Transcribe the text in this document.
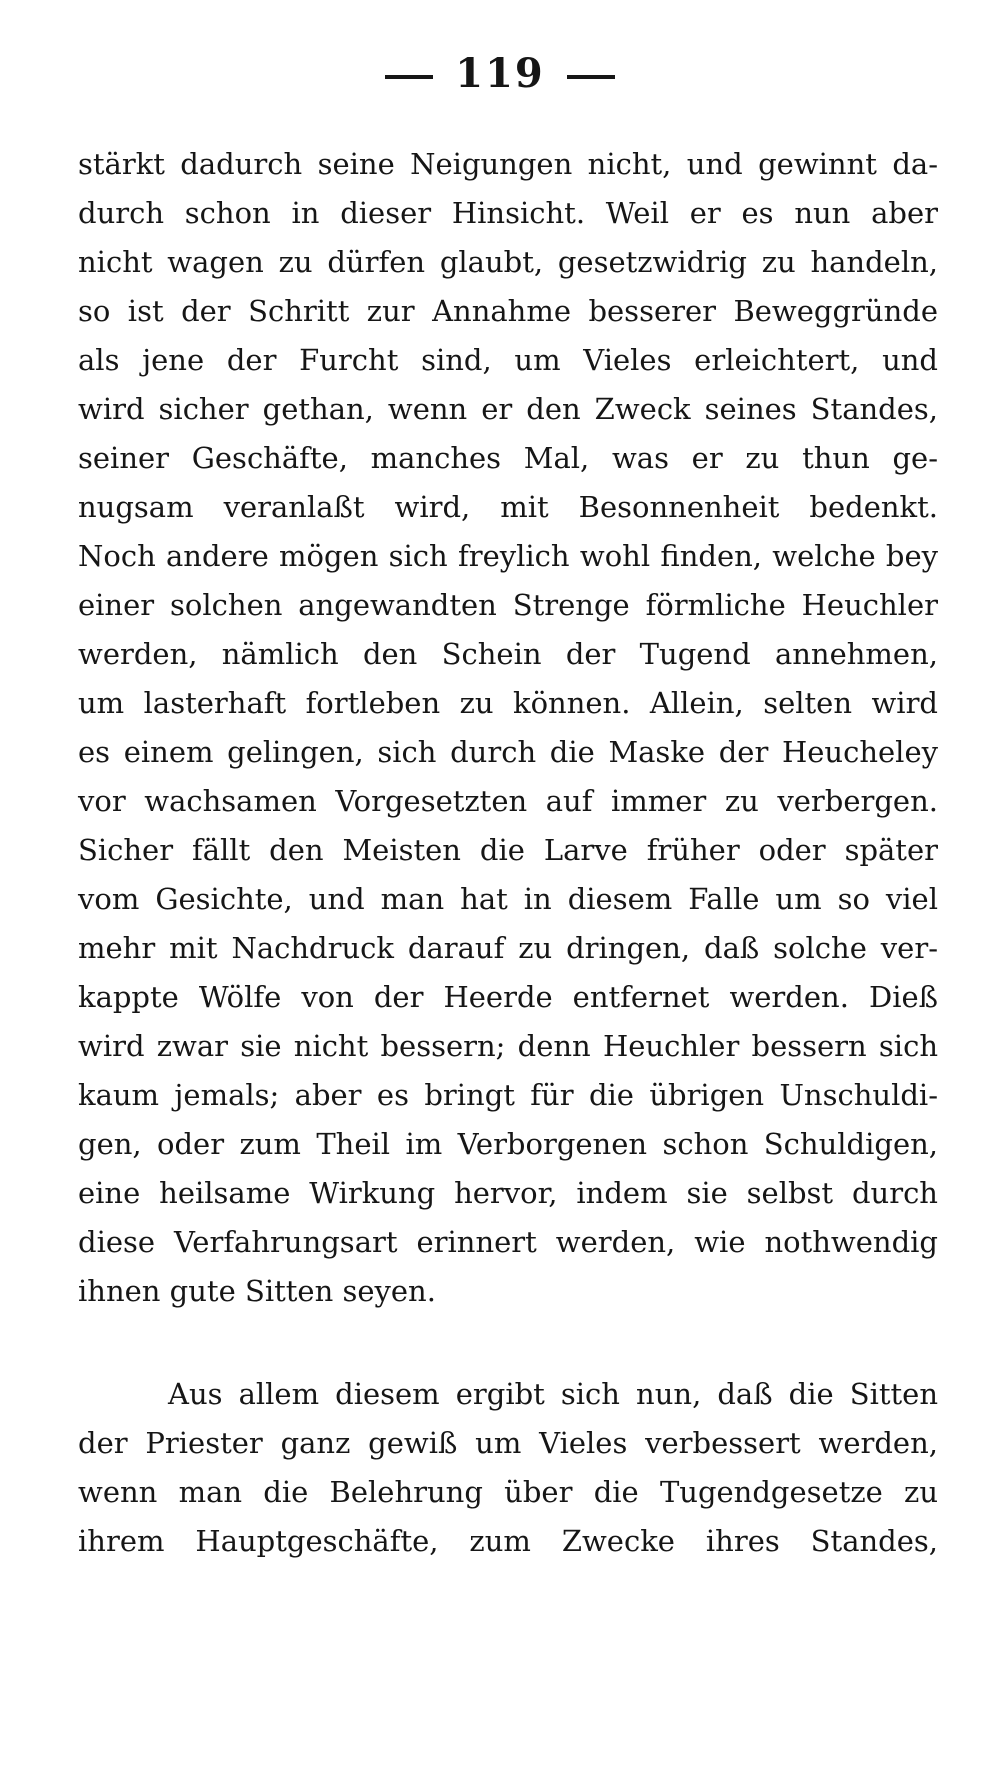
119
stärkt dadurch seine Neigungen nicht, und gewinnt da-
durch schon in dieser Hinsicht. Weil er es nun aber
nicht wagen zu dürfen glaubt, gesetzwidrig zu handeln,
so ist der Schritt zur Annahme besserer Beweggründe
als jene der Furcht sind, um Vieles erleichtert, und
wird sicher gethan, wenn er den Zweck seines Standes,
seiner Geschäfte, manches Mal, was er zu thun ge-
nugsam veranlaßt wird, mit Besonnenheit bedenkt.
Noch andere mögen sich freylich wohl finden, welche bey
einer solchen angewandten Strenge förmliche Heuchler
werden, nämlich den Schein der Tugend annehmen,
um lasterhaft fortleben zu können. Allein, selten wird
es einem gelingen, sich durch die Maske der Heucheley
vor wachsamen Vorgesetzten auf immer zu verbergen.
Sicher fällt den Meisten die Larve früher oder später
vom Gesichte, und man hat in diesem Falle um so viel
mehr mit Nachdruck darauf zu dringen, daß solche ver-
kappte Wölfe von der Heerde entfernet werden. Dieß
wird zwar sie nicht bessern; denn Heuchler bessern sich
kaum jemals; aber es bringt für die übrigen Unschuldi-
gen, oder zum Theil im Verborgenen schon Schuldigen,
eine heilsame Wirkung hervor, indem sie selbst durch
diese Verfahrungsart erinnert werden, wie nothwendig
ihnen gute Sitten seyen.
Aus allem diesem ergibt sich nun, daß die Sitten
der Priester ganz gewiß um Vieles verbessert werden,
wenn man die Belehrung über die Tugendgesetze zu
ihrem Hauptgeschäfte, zum Zwecke ihres Standes,
